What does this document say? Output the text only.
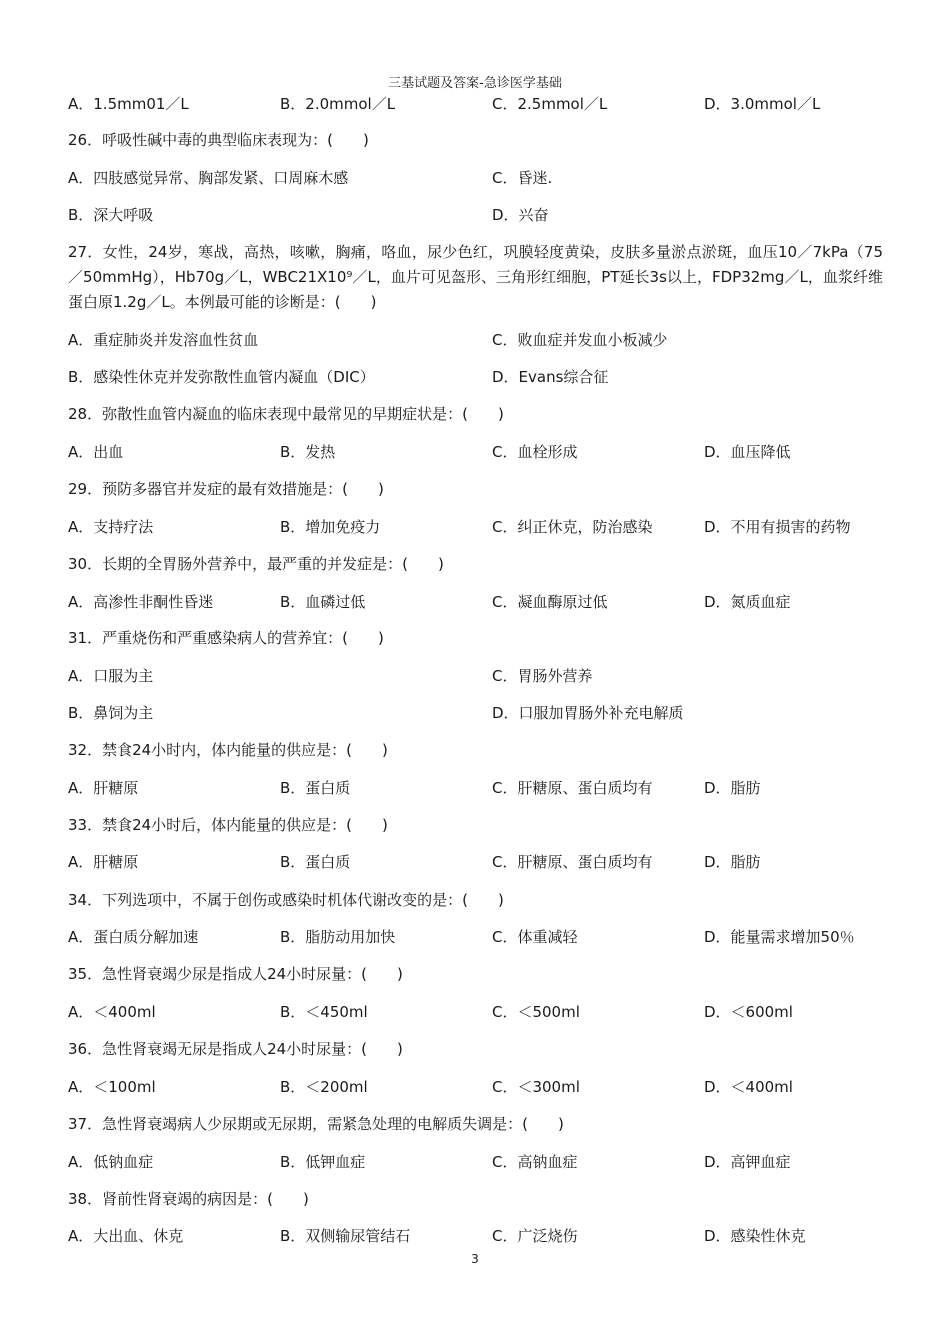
三基试题及答案-急诊医学基础
A．1.5mm01／L	B．2.0mmol／L	C．2.5mmol／L	D．3.0mmol／L
26．呼吸性碱中毒的典型临床表现为：(　　)
A．四肢感觉异常、胸部发紧、口周麻木感	C．昏迷.
B．深大呼吸	D．兴奋
27．女性，24岁，寒战，高热，咳嗽，胸痛，咯血，尿少色红，巩膜轻度黄染，皮肤多量淤点淤斑，血压10／7kPa（75／50mmHg），Hb70g／L，WBC21X10⁹／L，血片可见盔形、三角形红细胞，PT延长3s以上，FDP32mg／L，血浆纤维蛋白原1.2g／L。本例最可能的诊断是：(　　)
A．重症肺炎并发溶血性贫血	C．败血症并发血小板减少
B．感染性休克并发弥散性血管内凝血（DIC）	D．Evans综合征
28．弥散性血管内凝血的临床表现中最常见的早期症状是：(　　)
A．出血	B．发热	C．血栓形成	D．血压降低
29．预防多器官并发症的最有效措施是：(　　)
A．支持疗法	B．增加免疫力	C．纠正休克，防治感染	D．不用有损害的药物
30．长期的全胃肠外营养中，最严重的并发症是：(　　)
A．高渗性非酮性昏迷	B．血磷过低	C．凝血酶原过低	D．氮质血症
31．严重烧伤和严重感染病人的营养宜：(　　)
A．口服为主	C．胃肠外营养
B．鼻饲为主	D．口服加胃肠外补充电解质
32．禁食24小时内，体内能量的供应是：(　　)
A．肝糖原	B．蛋白质	C．肝糖原、蛋白质均有	D．脂肪
33．禁食24小时后，体内能量的供应是：(　　)
A．肝糖原	B．蛋白质	C．肝糖原、蛋白质均有	D．脂肪
34．下列选项中，不属于创伤或感染时机体代谢改变的是：(　　)
A．蛋白质分解加速	B．脂肪动用加快	C．体重减轻	D．能量需求增加50％
35．急性肾衰竭少尿是指成人24小时尿量：(　　)
A．＜400ml	B．＜450ml	C．＜500ml	D．＜600ml
36．急性肾衰竭无尿是指成人24小时尿量：(　　)
A．＜100ml	B．＜200ml	C．＜300ml	D．＜400ml
37．急性肾衰竭病人少尿期或无尿期，需紧急处理的电解质失调是：(　　)
A．低钠血症	B．低钾血症	C．高钠血症	D．高钾血症
38．肾前性肾衰竭的病因是：(　　)
A．大出血、休克	B．双侧输尿管结石	C．广泛烧伤	D．感染性休克
3
